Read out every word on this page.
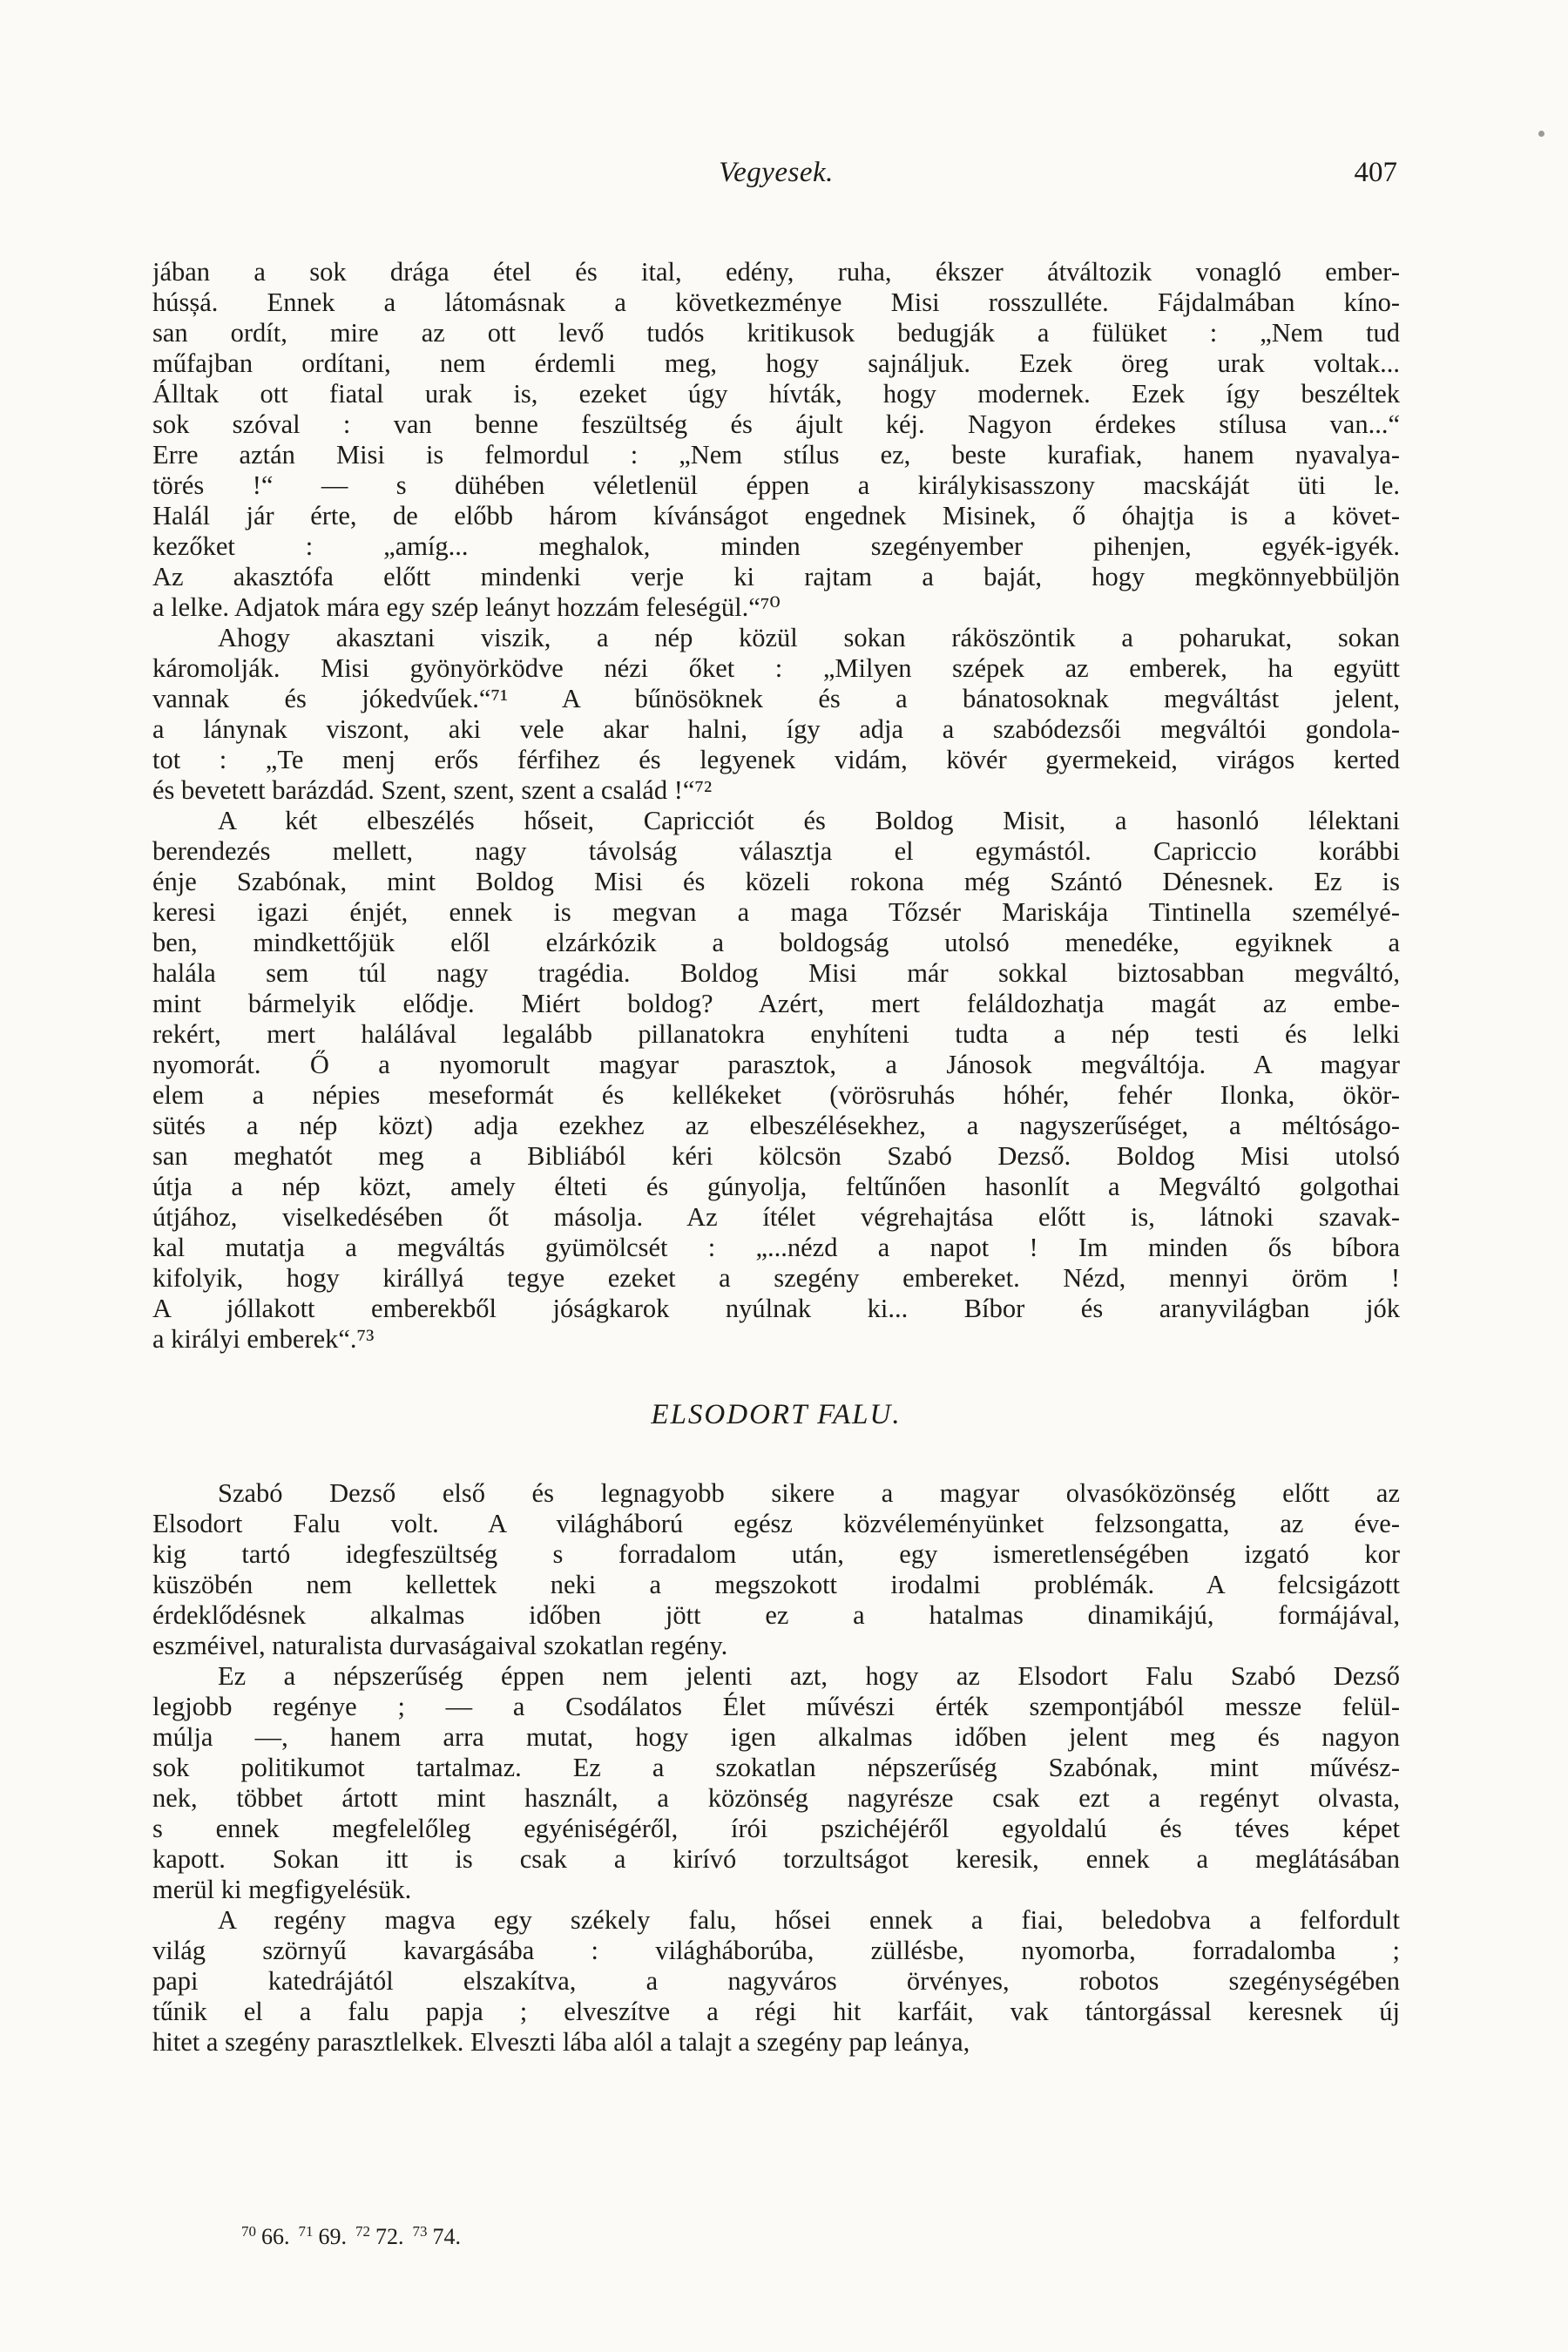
Vegyesek.	407
jában a sok drága étel és ital, edény, ruha, ékszer átváltozik vonagló ember-
húsșá. Ennek a látomásnak a következménye Misi rosszulléte. Fájdalmában kíno-
san ordít, mire az ott levő tudós kritikusok bedugják a fülüket : „Nem tud
műfajban ordítani, nem érdemli meg, hogy sajnáljuk. Ezek öreg urak voltak...
Álltak ott fiatal urak is, ezeket úgy hívták, hogy modernek. Ezek így beszéltek
sok szóval : van benne feszültség és ájult kéj. Nagyon érdekes stílusa van...“
Erre aztán Misi is felmordul : „Nem stílus ez, beste kurafiak, hanem nyavalya-
törés !“ — s dühében véletlenül éppen a királykisasszony macskáját üti le.
Halál jár érte, de előbb három kívánságot engednek Misinek, ő óhajtja is a követ-
kezőket : „amíg... meghalok, minden szegényember pihenjen, egyék-igyék.
Az akasztófa előtt mindenki verje ki rajtam a baját, hogy megkönnyebbüljön
a lelke. Adjatok mára egy szép leányt hozzám feleségül.“⁷⁰
Ahogy akasztani viszik, a nép közül sokan ráköszöntik a poharukat, sokan
káromolják. Misi gyönyörködve nézi őket : „Milyen szépek az emberek, ha együtt
vannak és jókedvűek.“⁷¹ A bűnösöknek és a bánatosoknak megváltást jelent,
a lánynak viszont, aki vele akar halni, így adja a szabódezsői megváltói gondola-
tot : „Te menj erős férfihez és legyenek vidám, kövér gyermekeid, virágos kerted
és bevetett barázdád. Szent, szent, szent a család !“⁷²
A két elbeszélés hőseit, Capricciót és Boldog Misit, a hasonló lélektani
berendezés mellett, nagy távolság választja el egymástól. Capriccio korábbi
énje Szabónak, mint Boldog Misi és közeli rokona még Szántó Dénesnek. Ez is
keresi igazi énjét, ennek is megvan a maga Tőzsér Mariskája Tintinella személyé-
ben, mindkettőjük elől elzárkózik a boldogság utolsó menedéke, egyiknek a
halála sem túl nagy tragédia. Boldog Misi már sokkal biztosabban megváltó,
mint bármelyik elődje. Miért boldog? Azért, mert feláldozhatja magát az embe-
rekért, mert halálával legalább pillanatokra enyhíteni tudta a nép testi és lelki
nyomorát. Ő a nyomorult magyar parasztok, a Jánosok megváltója. A magyar
elem a népies meseformát és kellékeket (vörösruhás hóhér, fehér Ilonka, ökör-
sütés a nép közt) adja ezekhez az elbeszélésekhez, a nagyszerűséget, a méltóságo-
san meghatót meg a Bibliából kéri kölcsön Szabó Dezső. Boldog Misi utolsó
útja a nép közt, amely élteti és gúnyolja, feltűnően hasonlít a Megváltó golgothai
útjához, viselkedésében őt másolja. Az ítélet végrehajtása előtt is, látnoki szavak-
kal mutatja a megváltás gyümölcsét : „...nézd a napot ! Im minden ős bíbora
kifolyik, hogy királlyá tegye ezeket a szegény embereket. Nézd, mennyi öröm !
A jóllakott emberekből jóságkarok nyúlnak ki... Bíbor és aranyvilágban jók
a királyi emberek“.⁷³
ELSODORT FALU.
Szabó Dezső első és legnagyobb sikere a magyar olvasóközönség előtt az
Elsodort Falu volt. A világháború egész közvéleményünket felzsongatta, az éve-
kig tartó idegfeszültség s forradalom után, egy ismeretlenségében izgató kor
küszöbén nem kellettek neki a megszokott irodalmi problémák. A felcsigázott
érdeklődésnek alkalmas időben jött ez a hatalmas dinamikájú, formájával,
eszméivel, naturalista durvaságaival szokatlan regény.
Ez a népszerűség éppen nem jelenti azt, hogy az Elsodort Falu Szabó Dezső
legjobb regénye ; — a Csodálatos Élet művészi érték szempontjából messze felül-
múlja —, hanem arra mutat, hogy igen alkalmas időben jelent meg és nagyon
sok politikumot tartalmaz. Ez a szokatlan népszerűség Szabónak, mint művész-
nek, többet ártott mint használt, a közönség nagyrésze csak ezt a regényt olvasta,
s ennek megfelelőleg egyéniségéről, írói pszichéjéről egyoldalú és téves képet
kapott. Sokan itt is csak a kirívó torzultságot keresik, ennek a meglátásában
merül ki megfigyelésük.
A regény magva egy székely falu, hősei ennek a fiai, beledobva a felfordult
világ szörnyű kavargásába : világháborúba, züllésbe, nyomorba, forradalomba ;
papi katedrájától elszakítva, a nagyváros örvényes, robotos szegénységében
tűnik el a falu papja ; elveszítve a régi hit karfáit, vak tántorgással keresnek új
hitet a szegény parasztlelkek. Elveszti lába alól a talajt a szegény pap leánya,
$^{70}$ 66. $^{71}$ 69. $^{72}$ 72. $^{73}$ 74.
